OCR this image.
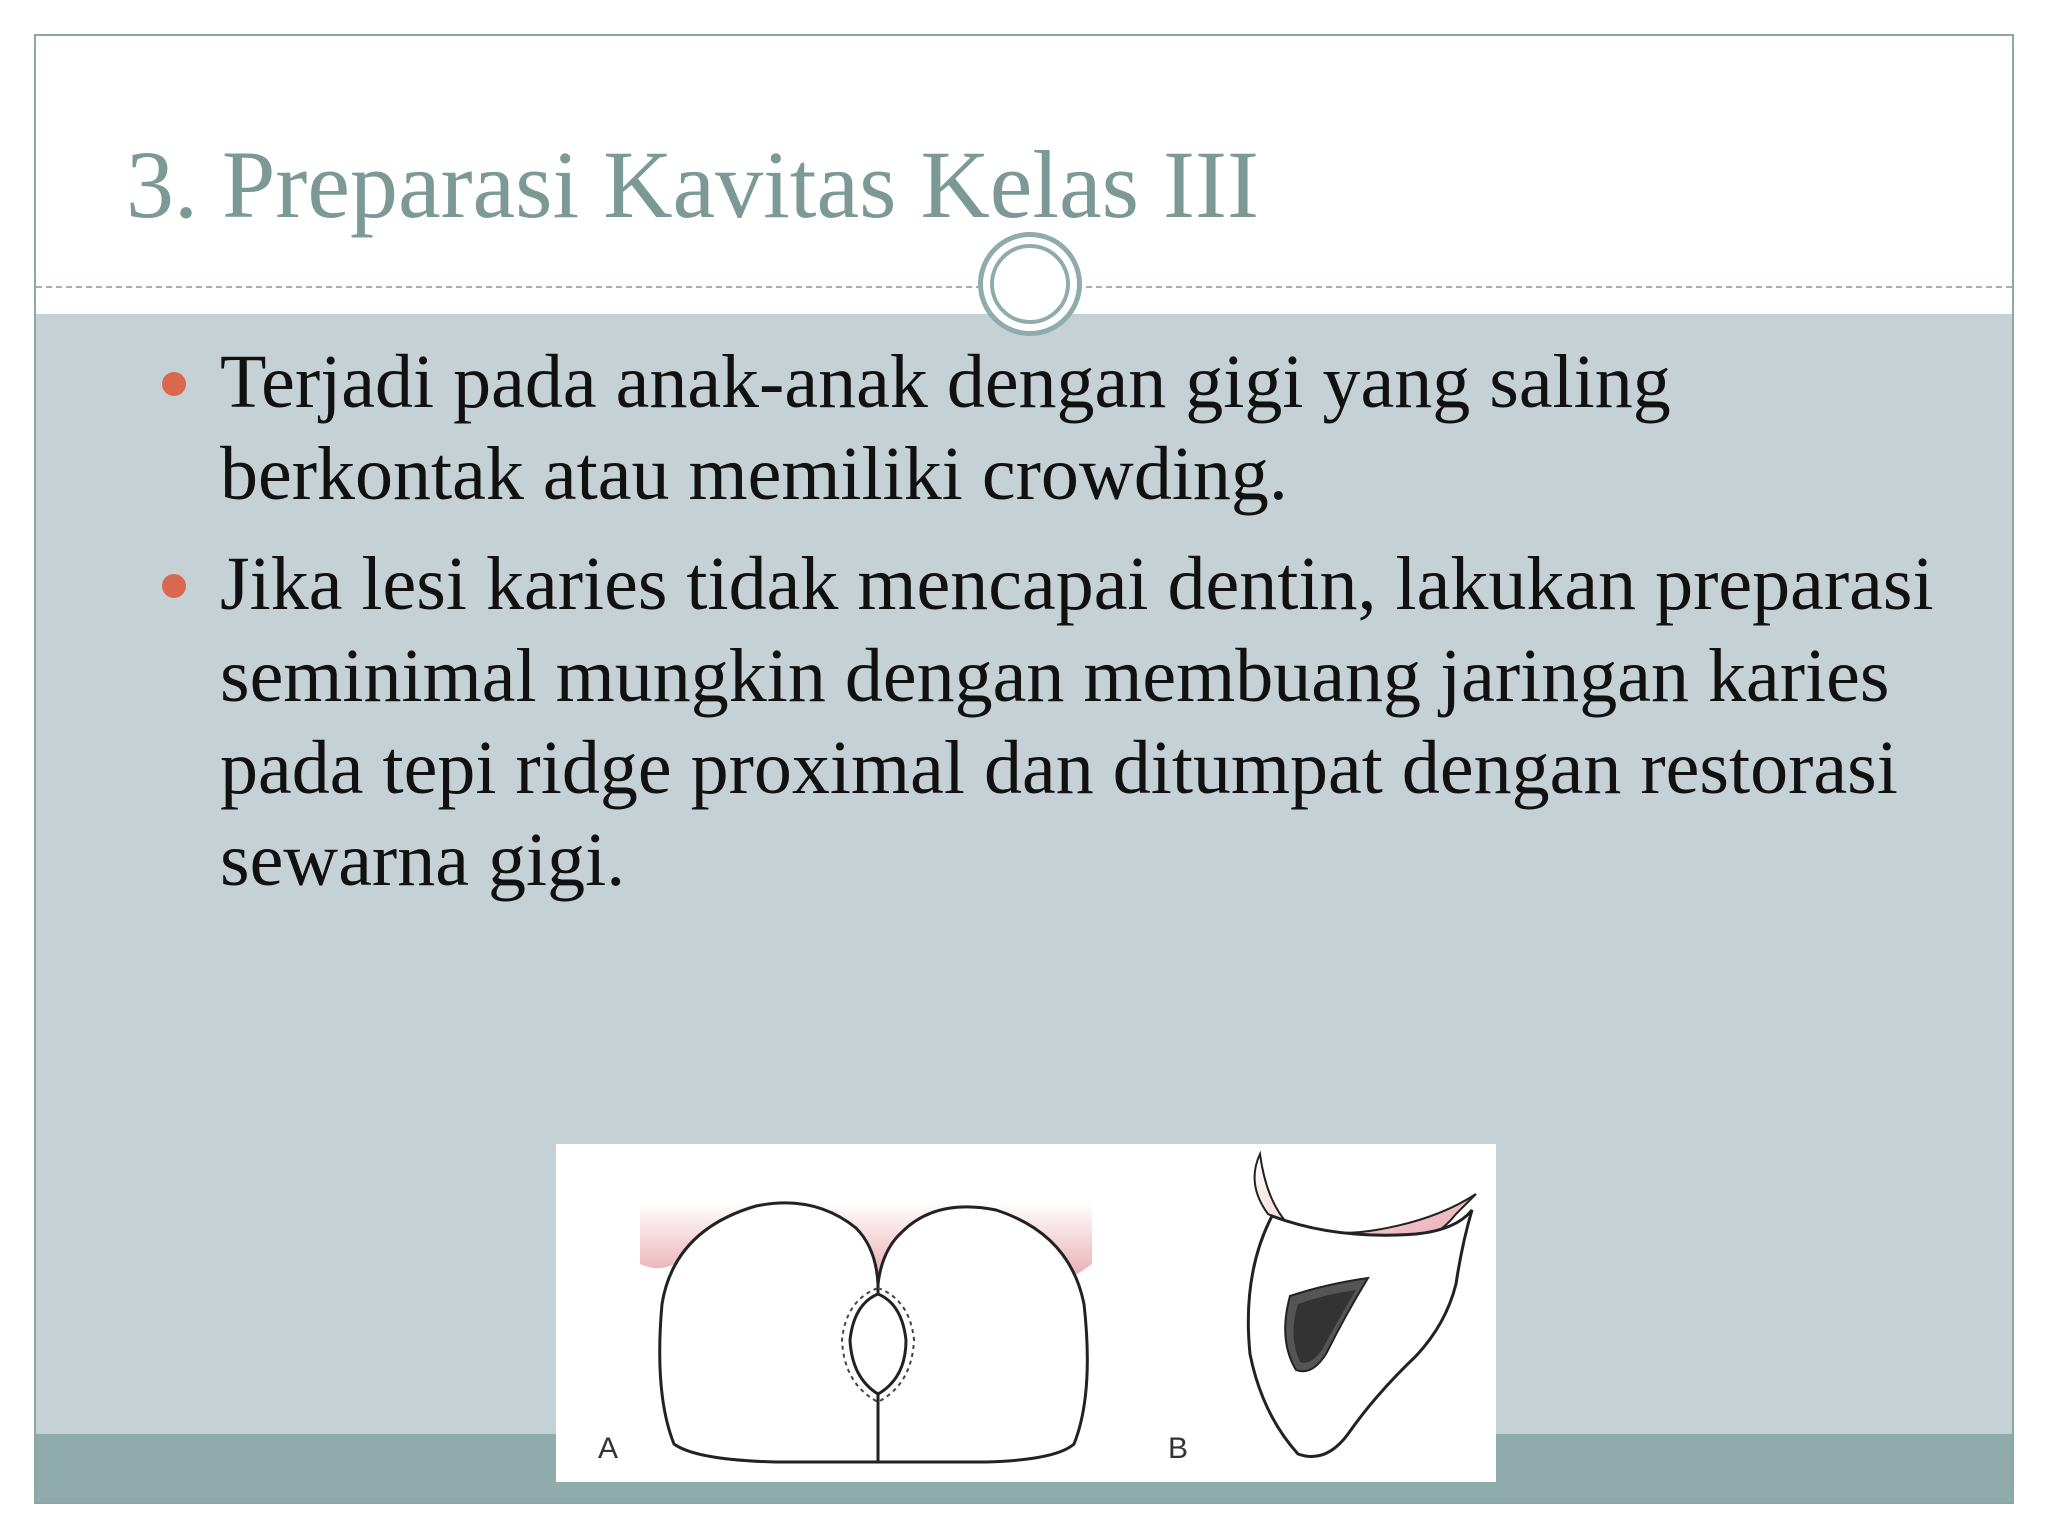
3. Preparasi Kavitas Kelas III
Terjadi pada anak-anak dengan gigi yang saling berkontak atau memiliki crowding.
Jika lesi karies tidak mencapai dentin, lakukan preparasi seminimal mungkin dengan membuang jaringan karies pada tepi ridge proximal dan ditumpat dengan restorasi sewarna gigi.
A	B
